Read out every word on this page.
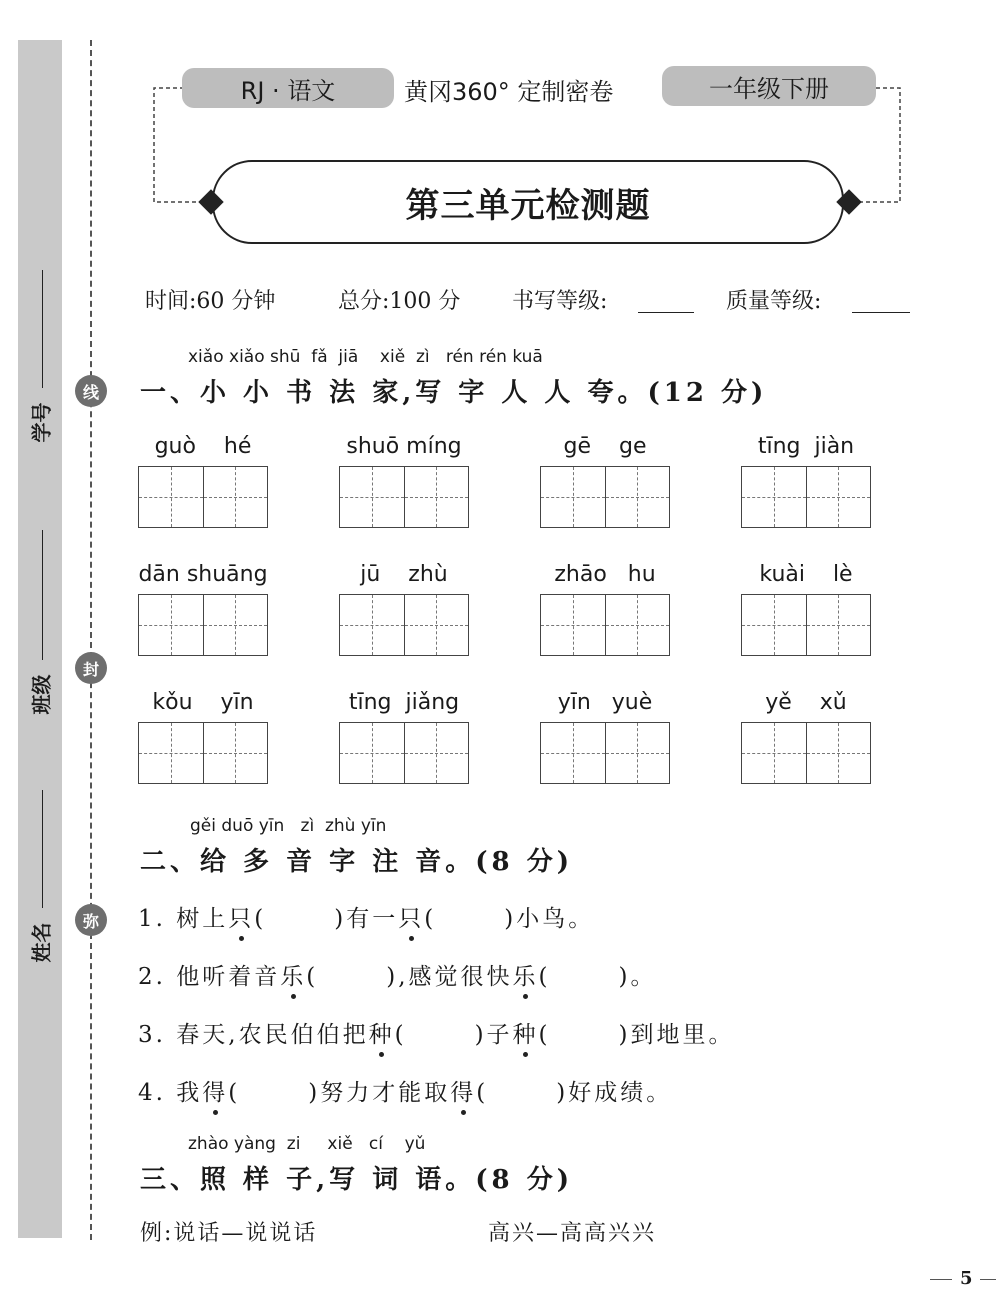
线
封
弥
学号
班级
姓名
RJ · 语文	黄冈360° 定制密卷	一年级下册
第三单元检测题
时间:60 分钟	总分:100 分 书写等级:	质量等级:
xiǎo xiǎo shū  fǎ  jiā    xiě  zì   rén rén kuā
一、小 小 书 法 家,写 字 人 人 夸。(12 分)
guò    hé	shuō míng	gē    ge	tīng  jiàn
dān shuāng	jū    zhù	zhāo   hu	kuài    lè
kǒu    yīn	tīng  jiǎng	yīn   yuè	yě    xǔ
gěi duō yīn   zì  zhù yīn
二、给 多 音 字 注 音。(8 分)
1. 树上只(	)有一只(	)小鸟。
2. 他听着音乐(	),感觉很快乐(	)。
3. 春天,农民伯伯把种(	)子种(	)到地里。
4. 我得(	)努力才能取得(	)好成绩。
zhào yàng  zi     xiě   cí    yǔ
三、照 样 子,写 词 语。(8 分)
例:说话—说说话	高兴—高高兴兴
5
